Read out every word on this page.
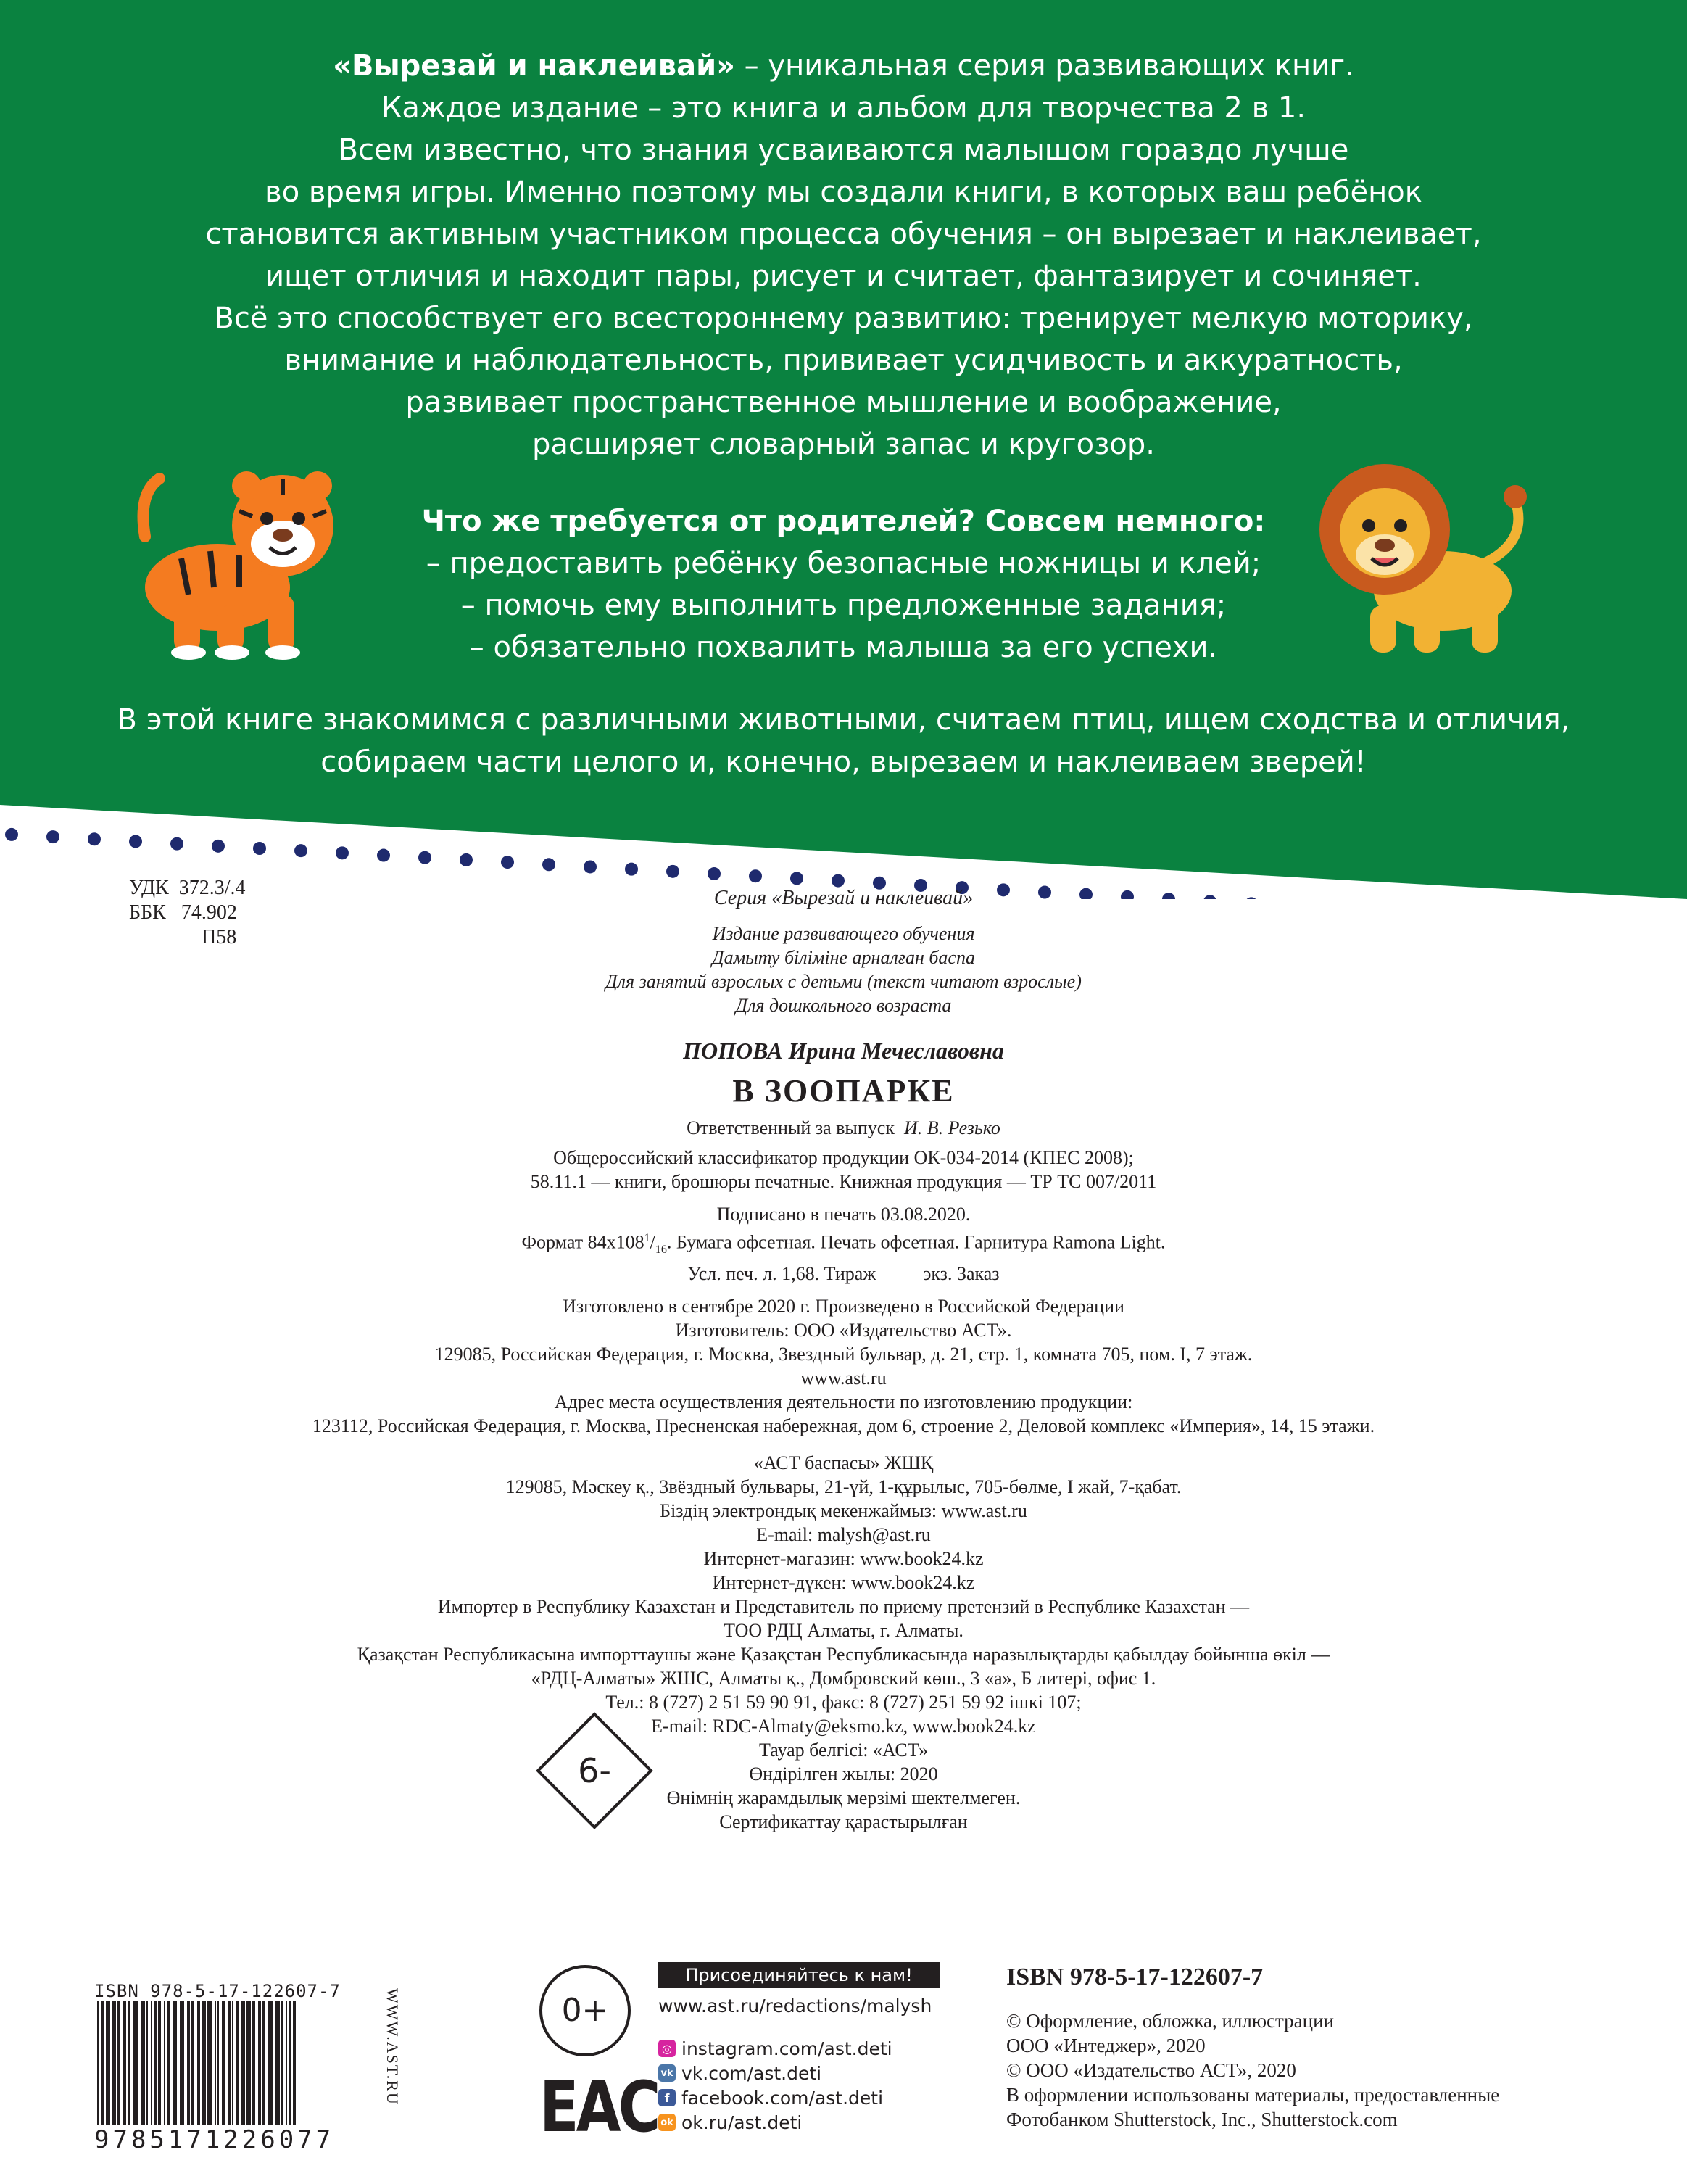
«Вырезай и наклеивай» – уникальная серия развивающих книг.

Каждое издание – это книга и альбом для творчества 2 в 1.

Всем известно, что знания усваиваются малышом гораздо лучше

во время игры. Именно поэтому мы создали книги, в которых ваш ребёнок

становится активным участником процесса обучения – он вырезает и наклеивает,

ищет отличия и находит пары, рисует и считает, фантазирует и сочиняет.

Всё это способствует его всестороннему развитию: тренирует мелкую моторику,

внимание и наблюдательность, прививает усидчивость и аккуратность,

развивает пространственное мышление и воображение,

расширяет словарный запас и кругозор.

Что же требуется от родителей? Совсем немного:

– предоставить ребёнку безопасные ножницы и клей;

– помочь ему выполнить предложенные задания;

– обязательно похвалить малыша за его успехи.

В этой книге знакомимся с различными животными, считаем птиц, ищем сходства и отличия,

собираем части целого и, конечно, вырезаем и наклеиваем зверей!

УДК 372.3/.4
ББК 74.902
П58

Серия «Вырезай и наклеивай»

Издание развивающего обучения

Дамыту біліміне арналған баспа

Для занятий взрослых с детьми (текст читают взрослые)

Для дошкольного возраста

ПОПОВА Ирина Мечеславовна

В ЗООПАРКЕ

Ответственный за выпуск И. В. Резько

Общероссийский классификатор продукции ОК-034-2014 (КПЕС 2008);

58.11.1 — книги, брошюры печатные. Книжная продукция — ТР ТС 007/2011

Подписано в печать 03.08.2020.

Формат $84x108^1/_{16}$. Бумага офсетная. Печать офсетная. Гарнитура Ramona Light.

Усл. печ. л. 1,68. Тираж          экз. Заказ

Изготовлено в сентябре 2020 г. Произведено в Российской Федерации

Изготовитель: ООО «Издательство АСТ».

129085, Российская Федерация, г. Москва, Звездный бульвар, д. 21, стр. 1, комната 705, пом. I, 7 этаж.

www.ast.ru

Адрес места осуществления деятельности по изготовлению продукции:

123112, Российская Федерация, г. Москва, Пресненская набережная, дом 6, строение 2, Деловой комплекс «Империя», 14, 15 этажи.

«АСТ баспасы» ЖШҚ

129085, Мәскеу қ., Звёздный бульвары, 21-үй, 1-құрылыс, 705-бөлме, I жай, 7-қабат.

Біздің электрондық мекенжаймыз: www.ast.ru

E-mail: malysh@ast.ru

Интернет-магазин: www.book24.kz

Интернет-дүкен: www.book24.kz

Импортер в Республику Казахстан и Представитель по приему претензий в Республике Казахстан —

ТОО РДЦ Алматы, г. Алматы.

Қазақстан Республикасына импорттаушы және Қазақстан Республикасында наразылықтарды қабылдау бойынша өкіл —

«РДЦ-Алматы» ЖШС, Алматы қ., Домбровский көш., 3 «а», Б литері, офис 1.

Тел.: 8 (727) 2 51 59 90 91, факс: 8 (727) 251 59 92 ішкі 107;

E-mail: RDC-Almaty@eksmo.kz, www.book24.kz

Тауар белгісі: «АСТ»

Өндірілген жылы: 2020

Өнімнің жарамдылық мерзімі шектелмеген.

Сертификаттау қарастырылған

6-
ISBN 978-5-17-122607-7
9785171226077
WWW.AST.RU	0+
EAC
Присоединяйтесь к нам!
www.ast.ru/redactions/malysh
◎ instagram.com/ast.deti
vk vk.com/ast.deti
f facebook.com/ast.deti
ok ok.ru/ast.deti
ISBN 978-5-17-122607-7
© Оформление, обложка, иллюстрации
ООО «Интеджер», 2020
© ООО «Издательство АСТ», 2020
В оформлении использованы материалы, предоставленные
Фотобанком Shutterstock, Inc., Shutterstock.com
